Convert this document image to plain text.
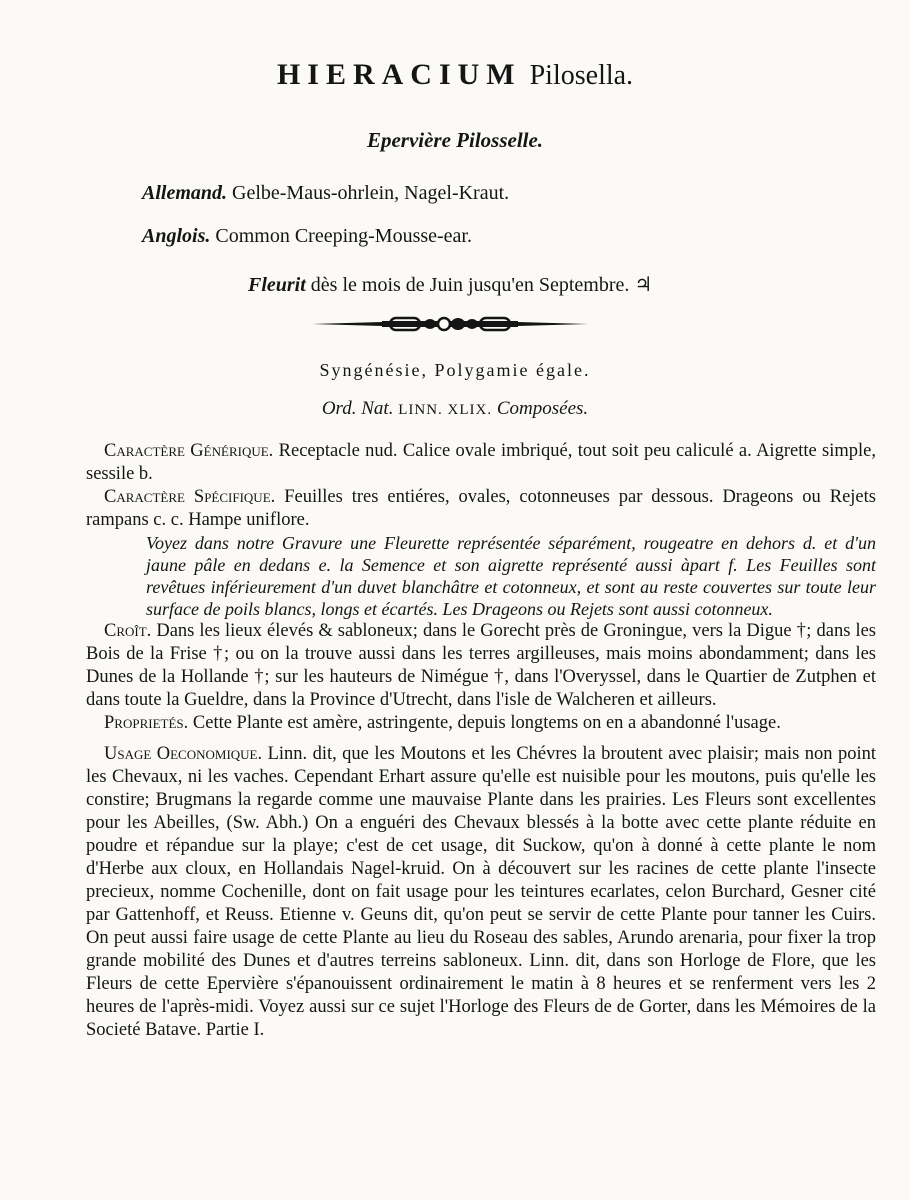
HIERACIUM Pilosella.
Epervière Pilosselle.
Allemand. Gelbe-Maus-ohrlein, Nagel-Kraut.
Anglois. Common Creeping-Mousse-ear.
Fleurit dès le mois de Juin jusqu'en Septembre. ♃
Syngénésie, Polygamie égale.
Ord. Nat. LINN. XLIX. Composées.

Caractère Générique. Receptacle nud. Calice ovale imbriqué, tout soit peu caliculé a. Aigrette simple, sessile b.

Caractère Spécifique. Feuilles tres entiéres, ovales, cotonneuses par dessous. Drageons ou Rejets rampans c. c. Hampe uniflore.

Voyez dans notre Gravure une Fleurette représentée séparément, rougeatre en dehors d. et d'un jaune pâle en dedans e. la Semence et son aigrette représenté aussi àpart f. Les Feuilles sont revêtues inférieurement d'un duvet blanchâtre et cotonneux, et sont au reste couvertes sur toute leur surface de poils blancs, longs et écartés. Les Drageons ou Rejets sont aussi cotonneux.

Croît. Dans les lieux élevés & sabloneux; dans le Gorecht près de Groningue, vers la Digue †; dans les Bois de la Frise †; ou on la trouve aussi dans les terres argilleuses, mais moins abondamment; dans les Dunes de la Hollande †; sur les hauteurs de Nimégue †, dans l'Overyssel, dans le Quartier de Zutphen et dans toute la Gueldre, dans la Province d'Utrecht, dans l'isle de Walcheren et ailleurs.

Proprietés. Cette Plante est amère, astringente, depuis longtems on en a abandonné l'usage.

Usage Oeconomique. Linn. dit, que les Moutons et les Chévres la broutent avec plaisir; mais non point les Chevaux, ni les vaches. Cependant Erhart assure qu'elle est nuisible pour les moutons, puis qu'elle les constire; Brugmans la regarde comme une mauvaise Plante dans les prairies. Les Fleurs sont excellentes pour les Abeilles, (Sw. Abh.) On a enguéri des Chevaux blessés à la botte avec cette plante réduite en poudre et répandue sur la playe; c'est de cet usage, dit Suckow, qu'on à donné à cette plante le nom d'Herbe aux cloux, en Hollandais Nagel-kruid. On à découvert sur les racines de cette plante l'insecte precieux, nomme Cochenille, dont on fait usage pour les teintures ecarlates, celon Burchard, Gesner cité par Gattenhoff, et Reuss. Etienne v. Geuns dit, qu'on peut se servir de cette Plante pour tanner les Cuirs. On peut aussi faire usage de cette Plante au lieu du Roseau des sables, Arundo arenaria, pour fixer la trop grande mobilité des Dunes et d'autres terreins sabloneux. Linn. dit, dans son Horloge de Flore, que les Fleurs de cette Epervière s'épanouissent ordinairement le matin à 8 heures et se renferment vers les 2 heures de l'après-midi. Voyez aussi sur ce sujet l'Horloge des Fleurs de de Gorter, dans les Mémoires de la Societé Batave. Partie I.
